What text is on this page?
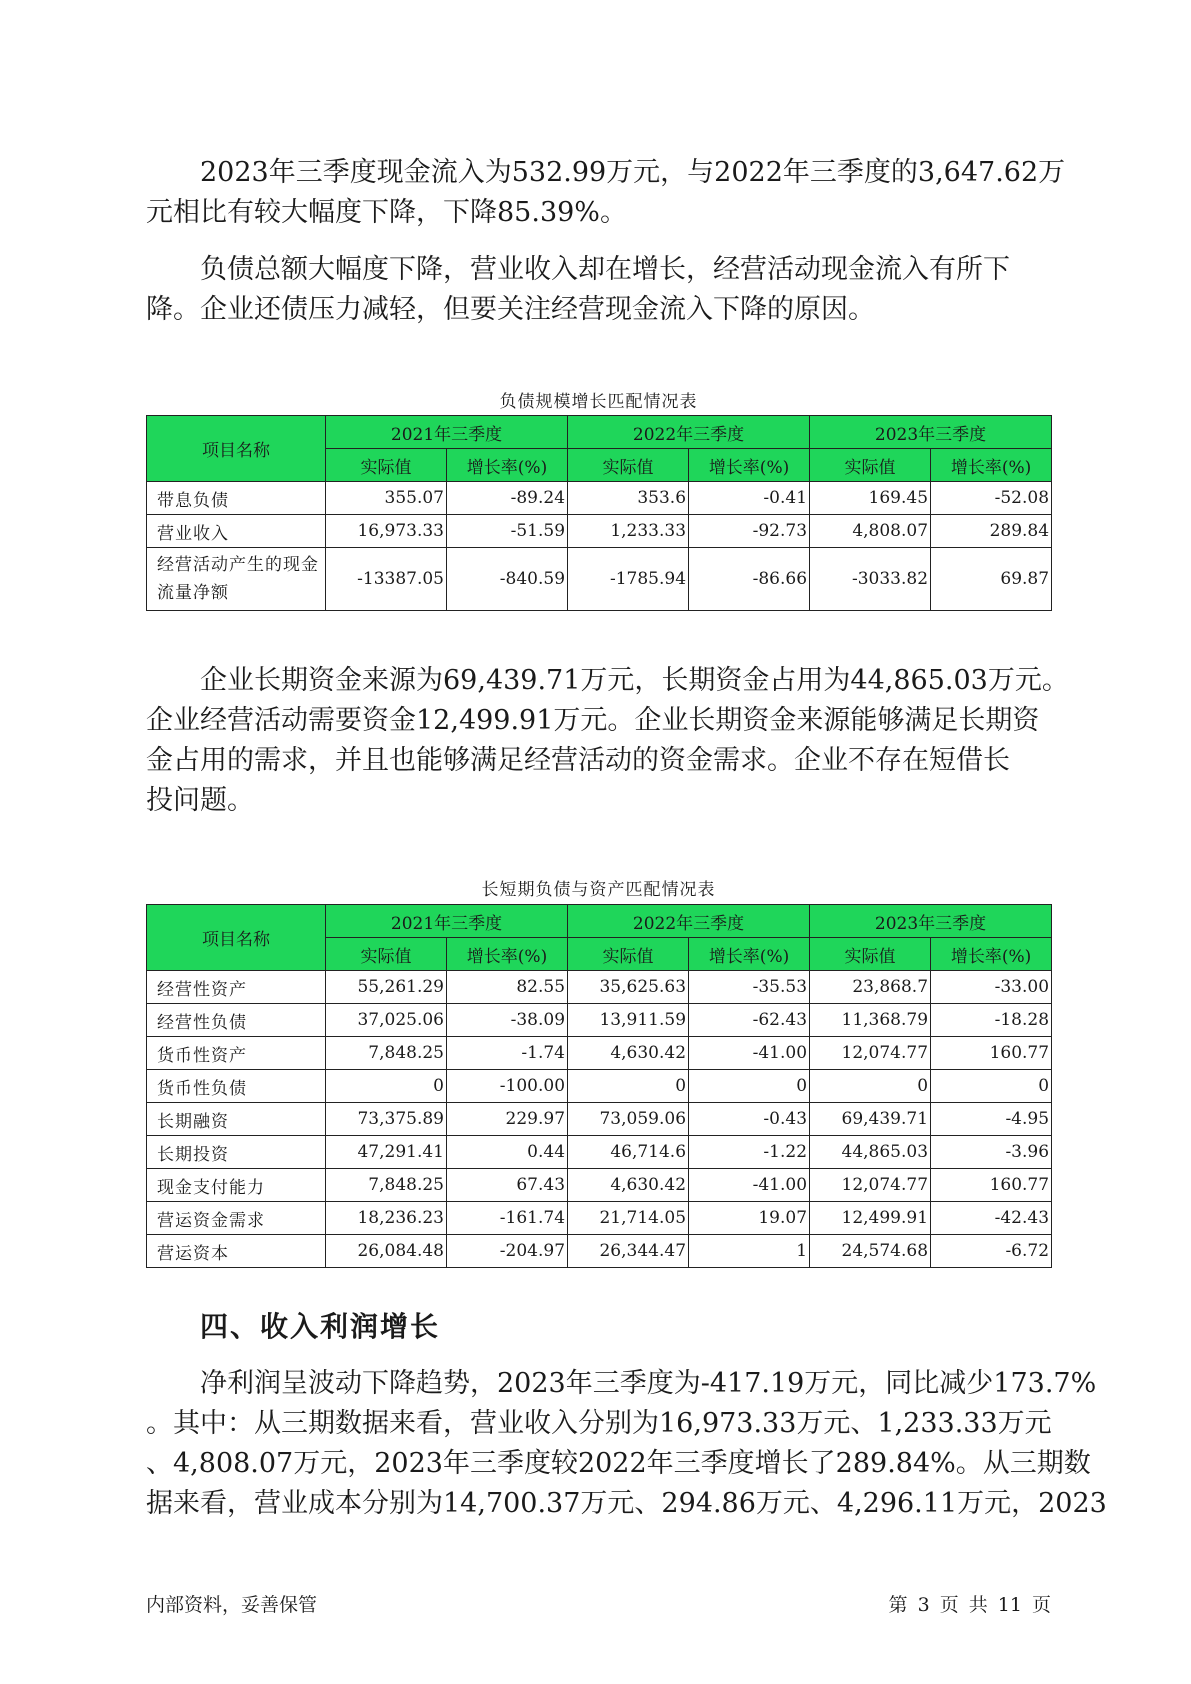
2023年三季度现金流入为532.99万元，与2022年三季度的3,647.62万
元相比有较大幅度下降，下降85.39%。
负债总额大幅度下降，营业收入却在增长，经营活动现金流入有所下
降。企业还债压力减轻，但要关注经营现金流入下降的原因。
负债规模增长匹配情况表
项目名称	2021年三季度		2022年三季度		2023年三季度	
	实际值	增长率(%)	实际值	增长率(%)	实际值	增长率(%)
带息负债	355.07	-89.24	353.6	-0.41	169.45	-52.08
营业收入	16,973.33	-51.59	1,233.33	-92.73	4,808.07	289.84
经营活动产生的现金流量净额	-13387.05	-840.59	-1785.94	-86.66	-3033.82	69.87
企业长期资金来源为69,439.71万元，长期资金占用为44,865.03万元。
企业经营活动需要资金12,499.91万元。企业长期资金来源能够满足长期资
金占用的需求，并且也能够满足经营活动的资金需求。企业不存在短借长
投问题。
长短期负债与资产匹配情况表
项目名称	2021年三季度		2022年三季度		2023年三季度	
	实际值	增长率(%)	实际值	增长率(%)	实际值	增长率(%)
经营性资产	55,261.29	82.55	35,625.63	-35.53	23,868.7	-33.00
经营性负债	37,025.06	-38.09	13,911.59	-62.43	11,368.79	-18.28
货币性资产	7,848.25	-1.74	4,630.42	-41.00	12,074.77	160.77
货币性负债	0	-100.00	0	0	0	0
长期融资	73,375.89	229.97	73,059.06	-0.43	69,439.71	-4.95
长期投资	47,291.41	0.44	46,714.6	-1.22	44,865.03	-3.96
现金支付能力	7,848.25	67.43	4,630.42	-41.00	12,074.77	160.77
营运资金需求	18,236.23	-161.74	21,714.05	19.07	12,499.91	-42.43
营运资本	26,084.48	-204.97	26,344.47	1	24,574.68	-6.72
四、收入利润增长
净利润呈波动下降趋势，2023年三季度为-417.19万元，同比减少173.7%
。其中：从三期数据来看，营业收入分别为16,973.33万元、1,233.33万元
、4,808.07万元，2023年三季度较2022年三季度增长了289.84%。从三期数
据来看，营业成本分别为14,700.37万元、294.86万元、4,296.11万元，2023
内部资料，妥善保管	第 3 页 共 11 页
